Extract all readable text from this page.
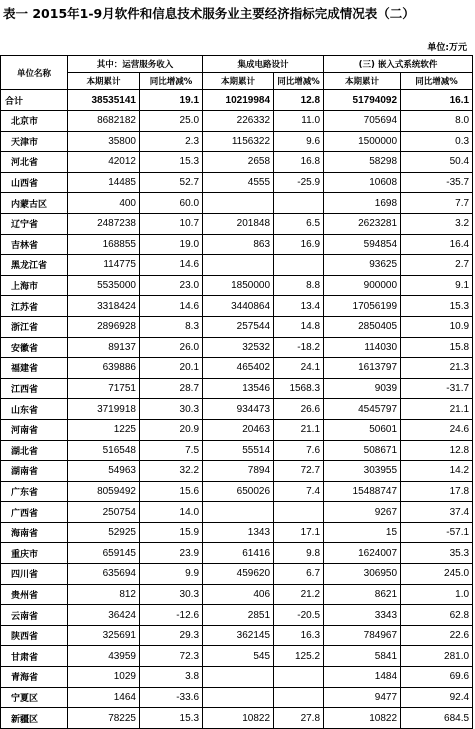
表一 2015年1-9月软件和信息技术服务业主要经济指标完成情况表（二）
单位:万元
单位名称	其中：运营服务收入		集成电路设计		(三) 嵌入式系统软件	
	本期累计	同比增减%	本期累计	同比增减%	本期累计	同比增减%
合计	38535141	19.1	10219984	12.8	51794092	16.1
北京市	8682182	25.0	226332	11.0	705694	8.0
天津市	35800	2.3	1156322	9.6	1500000	0.3
河北省	42012	15.3	2658	16.8	58298	50.4
山西省	14485	52.7	4555	-25.9	10608	-35.7
内蒙古区	400	60.0			1698	7.7
辽宁省	2487238	10.7	201848	6.5	2623281	3.2
吉林省	168855	19.0	863	16.9	594854	16.4
黑龙江省	114775	14.6			93625	2.7
上海市	5535000	23.0	1850000	8.8	900000	9.1
江苏省	3318424	14.6	3440864	13.4	17056199	15.3
浙江省	2896928	8.3	257544	14.8	2850405	10.9
安徽省	89137	26.0	32532	-18.2	114030	15.8
福建省	639886	20.1	465402	24.1	1613797	21.3
江西省	71751	28.7	13546	1568.3	9039	-31.7
山东省	3719918	30.3	934473	26.6	4545797	21.1
河南省	1225	20.9	20463	21.1	50601	24.6
湖北省	516548	7.5	55514	7.6	508671	12.8
湖南省	54963	32.2	7894	72.7	303955	14.2
广东省	8059492	15.6	650026	7.4	15488747	17.8
广西省	250754	14.0			9267	37.4
海南省	52925	15.9	1343	17.1	15	-57.1
重庆市	659145	23.9	61416	9.8	1624007	35.3
四川省	635694	9.9	459620	6.7	306950	245.0
贵州省	812	30.3	406	21.2	8621	1.0
云南省	36424	-12.6	2851	-20.5	3343	62.8
陕西省	325691	29.3	362145	16.3	784967	22.6
甘肃省	43959	72.3	545	125.2	5841	281.0
青海省	1029	3.8			1484	69.6
宁夏区	1464	-33.6			9477	92.4
新疆区	78225	15.3	10822	27.8	10822	684.5
